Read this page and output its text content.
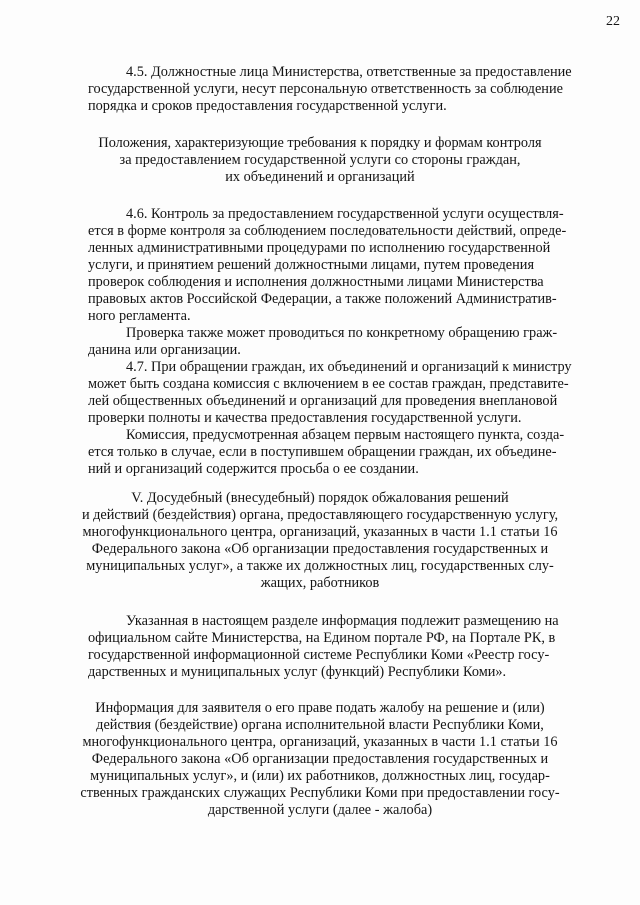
22
4.5. Должностные лица Министерства, ответственные за предоставление
государственной услуги, несут персональную ответственность за соблюдение
порядка и сроков предоставления государственной услуги.
Положения, характеризующие требования к порядку и формам контроля
за предоставлением государственной услуги со стороны граждан,
их объединений и организаций
4.6. Контроль за предоставлением государственной услуги осуществля-
ется в форме контроля за соблюдением последовательности действий, опреде-
ленных административными процедурами по исполнению государственной
услуги, и принятием решений должностными лицами, путем проведения
проверок соблюдения и исполнения должностными лицами Министерства
правовых актов Российской Федерации, а также положений Административ-
ного регламента.
Проверка также может проводиться по конкретному обращению граж-
данина или организации.
4.7. При обращении граждан, их объединений и организаций к министру
может быть создана комиссия с включением в ее состав граждан, представите-
лей общественных объединений и организаций для проведения внеплановой
проверки полноты и качества предоставления государственной услуги.
Комиссия, предусмотренная абзацем первым настоящего пункта, созда-
ется только в случае, если в поступившем обращении граждан, их объедине-
ний и организаций содержится просьба о ее создании.
V. Досудебный (внесудебный) порядок обжалования решений
и действий (бездействия) органа, предоставляющего государственную услугу,
многофункционального центра, организаций, указанных в части 1.1 статьи 16
Федерального закона «Об организации предоставления государственных и
муниципальных услуг», а также их должностных лиц, государственных слу-
жащих, работников
Указанная в настоящем разделе информация подлежит размещению на
официальном сайте Министерства, на Едином портале РФ, на Портале РК, в
государственной информационной системе Республики Коми «Реестр госу-
дарственных и муниципальных услуг (функций) Республики Коми».
Информация для заявителя о его праве подать жалобу на решение и (или)
действия (бездействие) органа исполнительной власти Республики Коми,
многофункционального центра, организаций, указанных в части 1.1 статьи 16
Федерального закона «Об организации предоставления государственных и
муниципальных услуг», и (или) их работников, должностных лиц, государ-
ственных гражданских служащих Республики Коми при предоставлении госу-
дарственной услуги (далее - жалоба)
